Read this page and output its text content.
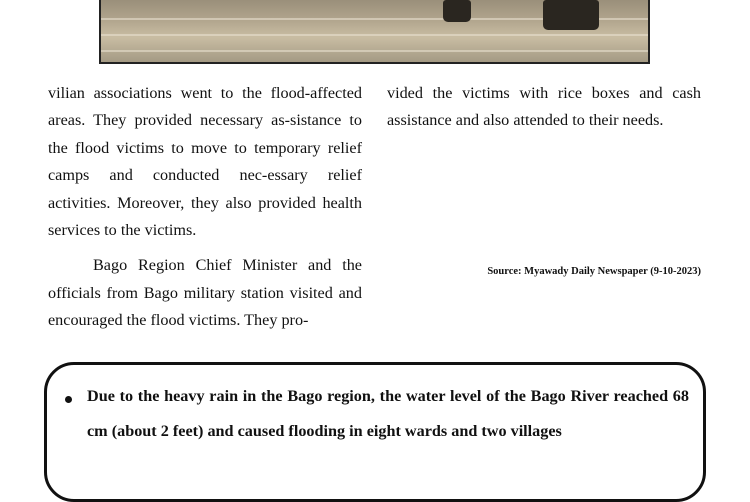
vilian associations went to the flood-affected areas. They provided necessary as-sistance to the flood victims to move to temporary relief camps and conducted nec-essary relief activities. Moreover, they also provided health services to the victims.

Bago Region Chief Minister and the officials from Bago military station visited and encouraged the flood victims. They pro-

vided the victims with rice boxes and cash assistance and also attended to their needs.

Source: Myawady Daily Newspaper (9-10-2023)
Due to the heavy rain in the Bago region, the water level of the Bago River reached 68 cm (about 2 feet) and caused flooding in eight wards and two villages
